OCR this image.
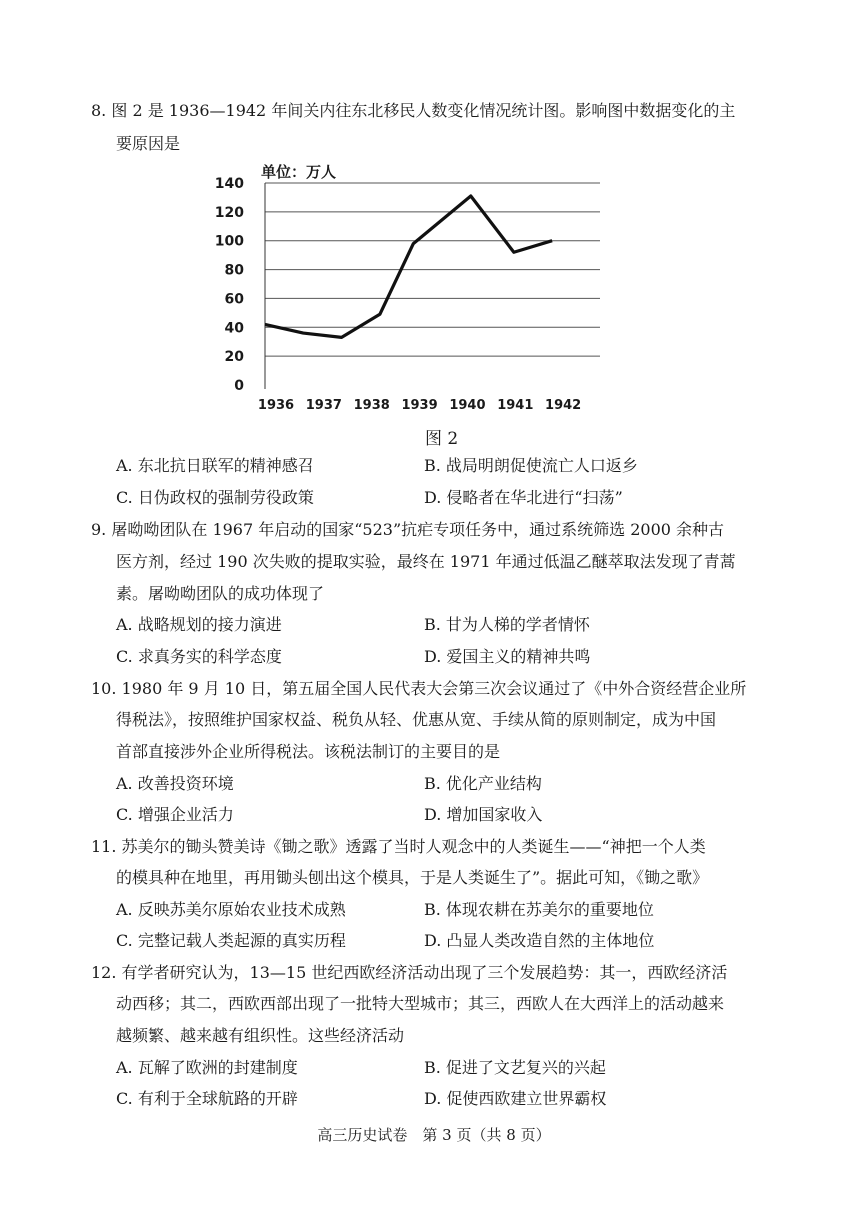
8. 图 2 是 1936—1942 年间关内往东北移民人数变化情况统计图。影响图中数据变化的主
要原因是
单位：万人
0
20
40
60
80
100
120
140
1936 1937 1938 1939 1940 1941 1942
图 2
A. 东北抗日联军的精神感召	B. 战局明朗促使流亡人口返乡
C. 日伪政权的强制劳役政策	D. 侵略者在华北进行“扫荡”
9. 屠呦呦团队在 1967 年启动的国家“523”抗疟专项任务中，通过系统筛选 2000 余种古
医方剂，经过 190 次失败的提取实验，最终在 1971 年通过低温乙醚萃取法发现了青蒿
素。屠呦呦团队的成功体现了
A. 战略规划的接力演进	B. 甘为人梯的学者情怀
C. 求真务实的科学态度	D. 爱国主义的精神共鸣
10. 1980 年 9 月 10 日，第五届全国人民代表大会第三次会议通过了《中外合资经营企业所
得税法》，按照维护国家权益、税负从轻、优惠从宽、手续从简的原则制定，成为中国
首部直接涉外企业所得税法。该税法制订的主要目的是
A. 改善投资环境	B. 优化产业结构
C. 增强企业活力	D. 增加国家收入
11. 苏美尔的锄头赞美诗《锄之歌》透露了当时人观念中的人类诞生——“神把一个人类
的模具种在地里，再用锄头刨出这个模具，于是人类诞生了”。据此可知，《锄之歌》
A. 反映苏美尔原始农业技术成熟	B. 体现农耕在苏美尔的重要地位
C. 完整记载人类起源的真实历程	D. 凸显人类改造自然的主体地位
12. 有学者研究认为，13—15 世纪西欧经济活动出现了三个发展趋势：其一，西欧经济活
动西移；其二，西欧西部出现了一批特大型城市；其三，西欧人在大西洋上的活动越来
越频繁、越来越有组织性。这些经济活动
A. 瓦解了欧洲的封建制度	B. 促进了文艺复兴的兴起
C. 有利于全球航路的开辟	D. 促使西欧建立世界霸权
高三历史试卷　第 3 页（共 8 页）
